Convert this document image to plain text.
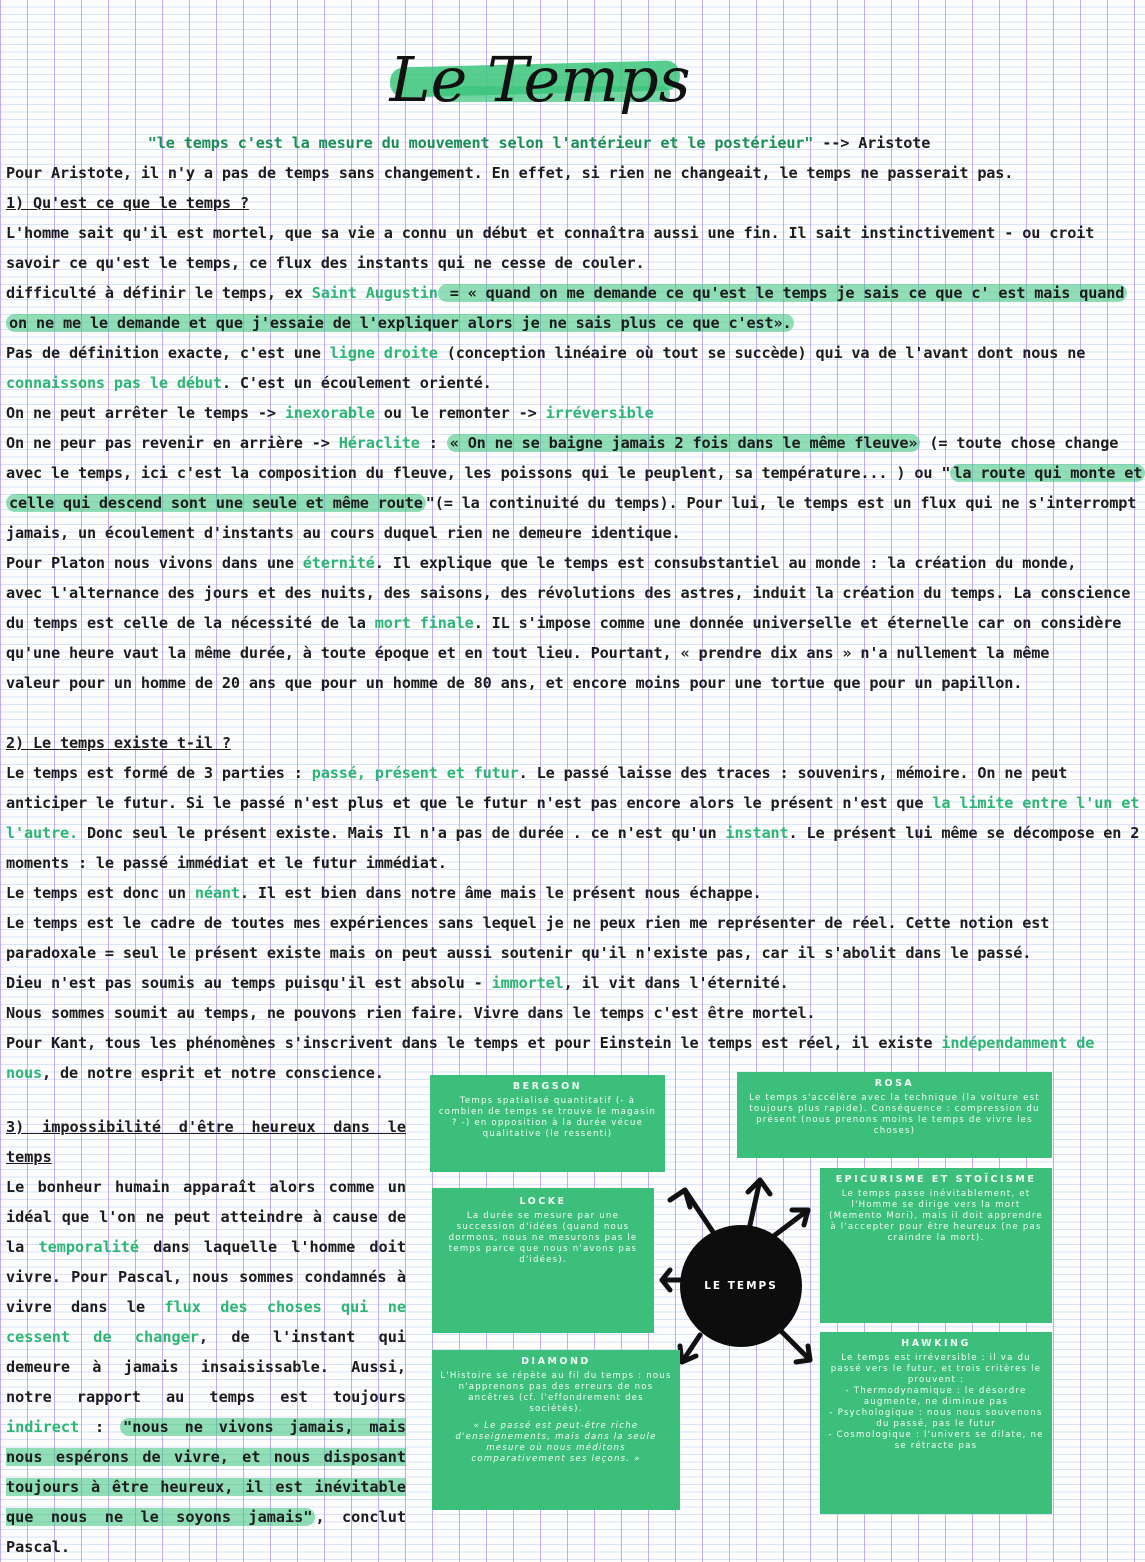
Le Temps
"le temps c'est la mesure du mouvement selon l'antérieur et le postérieur" --> Aristote
Pour Aristote, il n'y a pas de temps sans changement. En effet, si rien ne changeait, le temps ne passerait pas.
1) Qu'est ce que le temps ?
L'homme sait qu'il est mortel, que sa vie a connu un début et connaîtra aussi une fin. Il sait instinctivement - ou croit
savoir ce qu'est le temps, ce flux des instants qui ne cesse de couler.
difficulté à définir le temps, ex Saint Augustin = « quand on me demande ce qu'est le temps je sais ce que c' est mais quand
on ne me le demande et que j'essaie de l'expliquer alors je ne sais plus ce que c'est».
Pas de définition exacte, c'est une ligne droite (conception linéaire où tout se succède) qui va de l'avant dont nous ne
connaissons pas le début. C'est un écoulement orienté.
On ne peut arrêter le temps -> inexorable ou le remonter -> irréversible
On ne peur pas revenir en arrière -> Héraclite : « On ne se baigne jamais 2 fois dans le même fleuve» (= toute chose change
avec le temps, ici c'est la composition du fleuve, les poissons qui le peuplent, sa température... ) ou " la route qui monte et
celle qui descend sont une seule et même route "(= la continuité du temps). Pour lui, le temps est un flux qui ne s'interrompt
jamais, un écoulement d'instants au cours duquel rien ne demeure identique.
Pour Platon nous vivons dans une éternité. Il explique que le temps est consubstantiel au monde : la création du monde,
avec l'alternance des jours et des nuits, des saisons, des révolutions des astres, induit la création du temps. La conscience
du temps est celle de la nécessité de la mort finale. IL s'impose comme une donnée universelle et éternelle car on considère
qu'une heure vaut la même durée, à toute époque et en tout lieu. Pourtant, « prendre dix ans » n'a nullement la même
valeur pour un homme de 20 ans que pour un homme de 80 ans, et encore moins pour une tortue que pour un papillon.
2) Le temps existe t-il ?
Le temps est formé de 3 parties : passé, présent et futur. Le passé laisse des traces : souvenirs, mémoire. On ne peut
anticiper le futur. Si le passé n'est plus et que le futur n'est pas encore alors le présent n'est que la limite entre l'un et
l'autre. Donc seul le présent existe. Mais Il n'a pas de durée . ce n'est qu'un instant. Le présent lui même se décompose en 2
moments : le passé immédiat et le futur immédiat.
Le temps est donc un néant. Il est bien dans notre âme mais le présent nous échappe.
Le temps est le cadre de toutes mes expériences sans lequel je ne peux rien me représenter de réel. Cette notion est
paradoxale = seul le présent existe mais on peut aussi soutenir qu'il n'existe pas, car il s'abolit dans le passé.
Dieu n'est pas soumis au temps puisqu'il est absolu - immortel, il vit dans l'éternité.
Nous sommes soumit au temps, ne pouvons rien faire. Vivre dans le temps c'est être mortel.
Pour Kant, tous les phénomènes s'inscrivent dans le temps et pour Einstein le temps est réel, il existe indépendamment de
nous, de notre esprit et notre conscience.

3) impossibilité d'être heureux dans le temps

Le bonheur humain apparaît alors comme un idéal que l'on ne peut atteindre à cause de la temporalité dans laquelle l'homme doit vivre. Pour Pascal, nous sommes condamnés à vivre dans le flux des choses qui ne cessent de changer, de l'instant qui demeure à jamais insaisissable. Aussi, notre rapport au temps est toujours indirect : "nous ne vivons jamais, mais nous espérons de vivre, et nous disposant toujours à être heureux, il est inévitable que nous ne le soyons jamais" , conclut Pascal.

BERGSON

Temps spatialisé quantitatif (- à combien de temps se trouve le magasin ? -) en opposition à la durée vécue qualitative (le ressenti)

ROSA

Le temps s'accélère avec la technique (la voiture est toujours plus rapide). Conséquence : compression du présent (nous prenons moins le temps de vivre les choses)

LOCKE

La durée se mesure par une succession d'idées (quand nous dormons, nous ne mesurons pas le temps parce que nous n'avons pas d'idées).

EPICURISME ET STOÏCISME

Le temps passe inévitablement, et l'Homme se dirige vers la mort (Memento Mori), mais il doit apprendre à l'accepter pour être heureux (ne pas craindre la mort).

DIAMOND

L'Histoire se répète au fil du temps : nous n'apprenons pas des erreurs de nos ancêtres (cf. l'effondrement des sociétés).

« Le passé est peut-être riche d'enseignements, mais dans la seule mesure où nous méditons comparativement ses leçons. »

HAWKING

Le temps est irréversible : il va du passé vers le futur, et trois critères le prouvent :

- Thermodynamique : le désordre augmente, ne diminue pas

- Psychologique : nous nous souvenons du passé, pas le futur

- Cosmologique : l'univers se dilate, ne se rétracte pas

LE TEMPS
